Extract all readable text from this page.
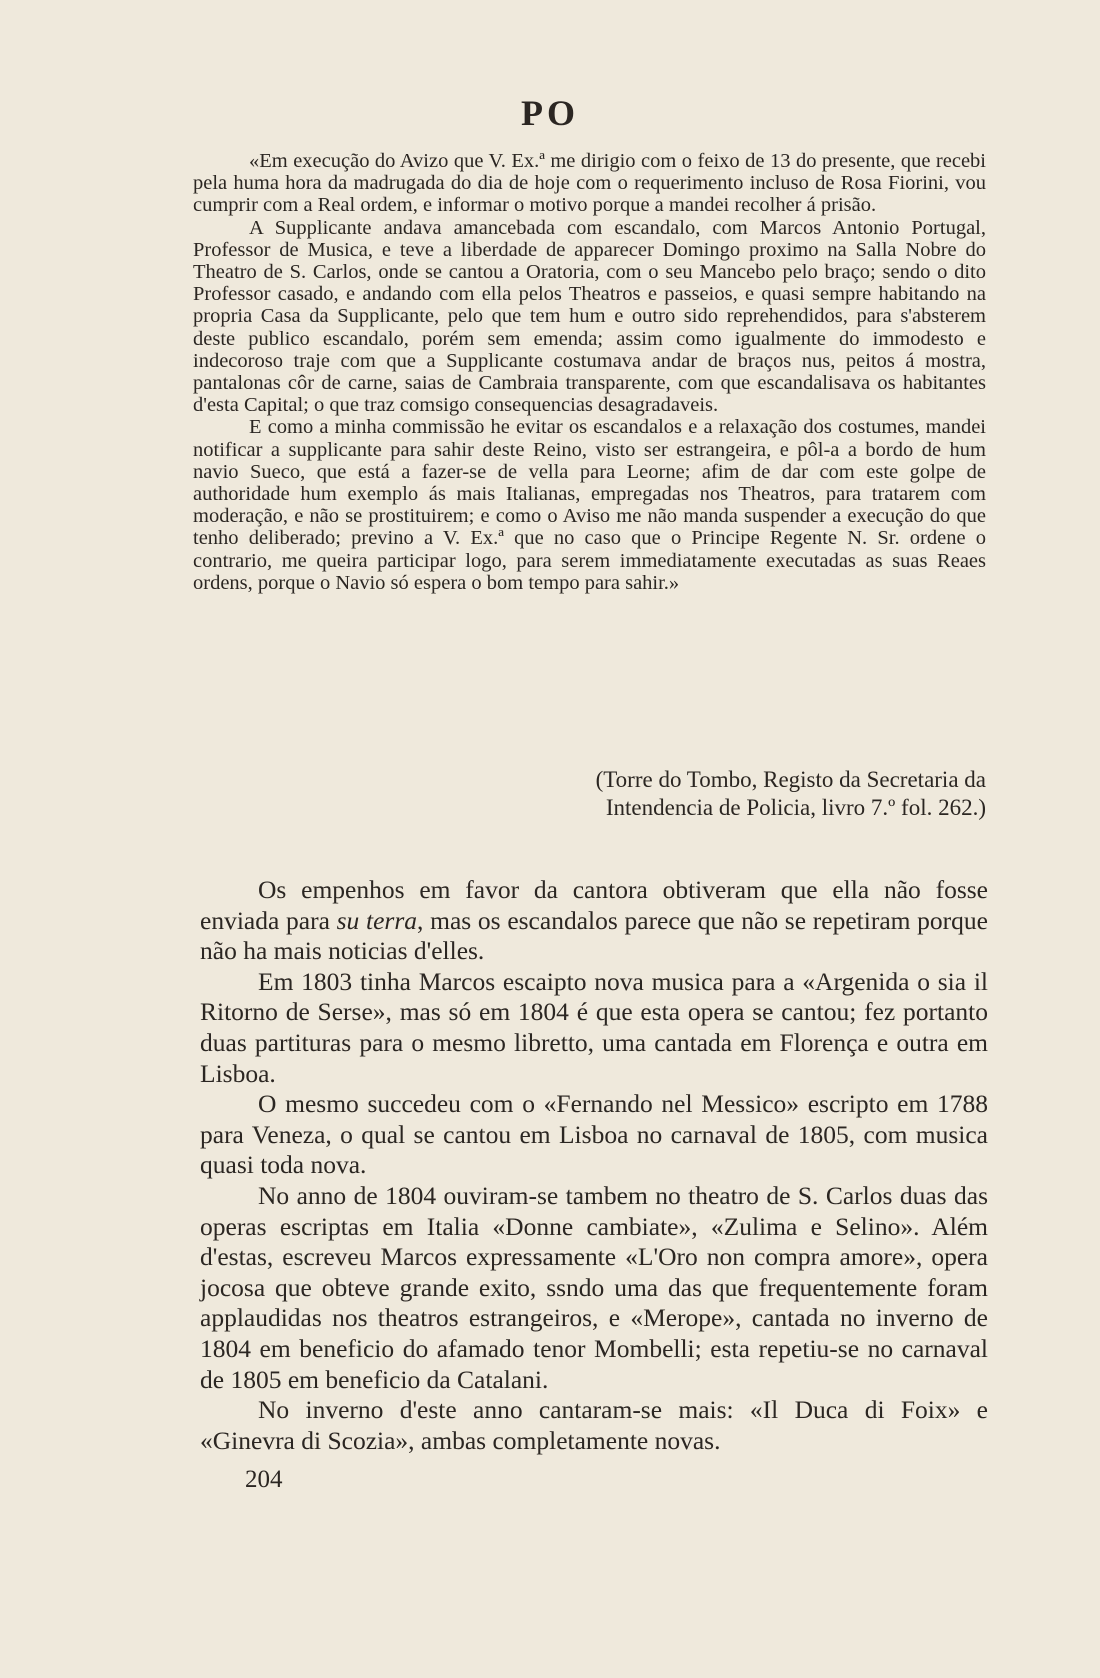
PO

«Em execução do Avizo que V. Ex.ª me dirigio com o feixo de 13 do presente, que recebi pela huma hora da madrugada do dia de hoje com o requerimento incluso de Rosa Fiorini, vou cumprir com a Real ordem, e informar o motivo porque a mandei recolher á prisão.

A Supplicante andava amancebada com escandalo, com Marcos Antonio Portugal, Professor de Musica, e teve a liberdade de apparecer Domingo proximo na Salla Nobre do Theatro de S. Carlos, onde se cantou a Oratoria, com o seu Mancebo pelo braço; sendo o dito Professor casado, e andando com ella pelos Theatros e passeios, e quasi sempre habitando na propria Casa da Supplicante, pelo que tem hum e outro sido reprehendidos, para s'absterem deste publico escandalo, porém sem emenda; assim como igualmente do immodesto e indecoroso traje com que a Supplicante costumava andar de braços nus, peitos á mostra, pantalonas côr de carne, saias de Cambraia transparente, com que escandalisava os habitantes d'esta Capital; o que traz comsigo consequencias desagradaveis.

E como a minha commissão he evitar os escandalos e a relaxação dos costumes, mandei notificar a supplicante para sahir deste Reino, visto ser estrangeira, e pôl-a a bordo de hum navio Sueco, que está a fazer-se de vella para Leorne; afim de dar com este golpe de authoridade hum exemplo ás mais Italianas, empregadas nos Theatros, para tratarem com moderação, e não se prostituirem; e como o Aviso me não manda suspender a execução do que tenho deliberado; previno a V. Ex.ª que no caso que o Principe Regente N. Sr. ordene o contrario, me queira participar logo, para serem immediatamente executadas as suas Reaes ordens, porque o Navio só espera o bom tempo para sahir.»

(Torre do Tombo, Registo da Secretaria da
Intendencia de Policia, livro 7.º fol. 262.)

Os empenhos em favor da cantora obtiveram que ella não fosse enviada para su terra, mas os escandalos parece que não se repetiram porque não ha mais noticias d'elles.

Em 1803 tinha Marcos escaipto nova musica para a «Argenida o sia il Ritorno de Serse», mas só em 1804 é que esta opera se cantou; fez portanto duas partituras para o mesmo libretto, uma cantada em Florença e outra em Lisboa.

O mesmo succedeu com o «Fernando nel Messico» escripto em 1788 para Veneza, o qual se cantou em Lisboa no carnaval de 1805, com musica quasi toda nova.

No anno de 1804 ouviram-se tambem no theatro de S. Carlos duas das operas escriptas em Italia «Donne cambiate», «Zulima e Selino». Além d'estas, escreveu Marcos expressamente «L'Oro non compra amore», opera jocosa que obteve grande exito, ssndo uma das que frequentemente foram applaudidas nos theatros estrangeiros, e «Merope», cantada no inverno de 1804 em beneficio do afamado tenor Mombelli; esta repetiu-se no carnaval de 1805 em beneficio da Catalani.

No inverno d'este anno cantaram-se mais: «Il Duca di Foix» e «Ginevra di Scozia», ambas completamente novas.

204
